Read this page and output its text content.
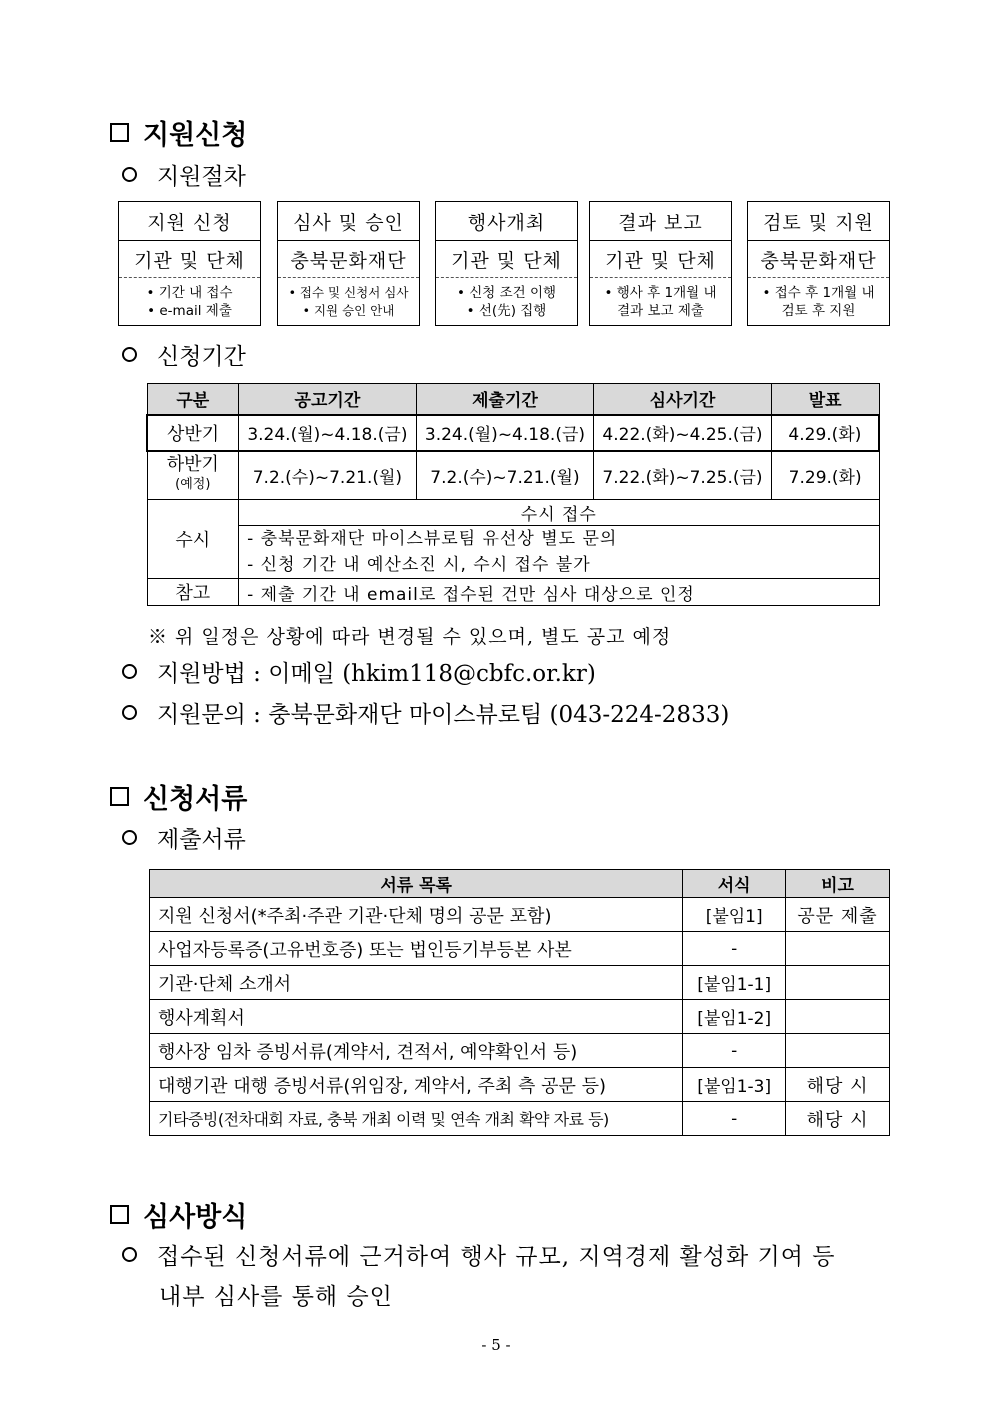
지원신청
지원절차
지원 신청
기관 및 단체
• 기간 내 접수
• e-mail 제출
심사 및 승인
충북문화재단
• 접수 및 신청서 심사
• 지원 승인 안내
행사개최
기관 및 단체
• 신청 조건 이행
• 선(先) 집행
결과 보고
기관 및 단체
• 행사 후 1개월 내
결과 보고 제출
검토 및 지원
충북문화재단
• 접수 후 1개월 내
검토 후 지원
신청기간
구분	공고기간	제출기간	심사기간	발표
상반기	3.24.(월)~4.18.(금)	3.24.(월)~4.18.(금)	4.22.(화)~4.25.(금)	4.29.(화)

하반기
(예정)	7.2.(수)~7.21.(월)	7.2.(수)~7.21.(월)	7.22.(화)~7.25.(금)	7.29.(화)
수시	수시 접수			

	- 충북문화재단 마이스뷰로팀 유선상 별도 문의
- 신청 기간 내 예산소진 시, 수시 접수 불가			

참고	- 제출 기간 내 email로 접수된 건만 심사 대상으로 인정			
※ 위 일정은 상황에 따라 변경될 수 있으며, 별도 공고 예정
지원방법 : 이메일 (hkim118@cbfc.or.kr)
지원문의 : 충북문화재단 마이스뷰로팀 (043-224-2833)
신청서류
제출서류
서류 목록	서식	비고
지원 신청서(*주최·주관 기관·단체 명의 공문 포함)	[붙임1]	공문 제출
사업자등록증(고유번호증) 또는 법인등기부등본 사본	-	
기관·단체 소개서	[붙임1-1]	
행사계획서	[붙임1-2]	
행사장 임차 증빙서류(계약서, 견적서, 예약확인서 등)	-	
대행기관 대행 증빙서류(위임장, 계약서, 주최 측 공문 등)	[붙임1-3]	해당 시
기타증빙(전차대회 자료, 충북 개최 이력 및 연속 개최 확약 자료 등)	-	해당 시
심사방식
접수된 신청서류에 근거하여 행사 규모, 지역경제 활성화 기여 등
내부 심사를 통해 승인
- 5 -
